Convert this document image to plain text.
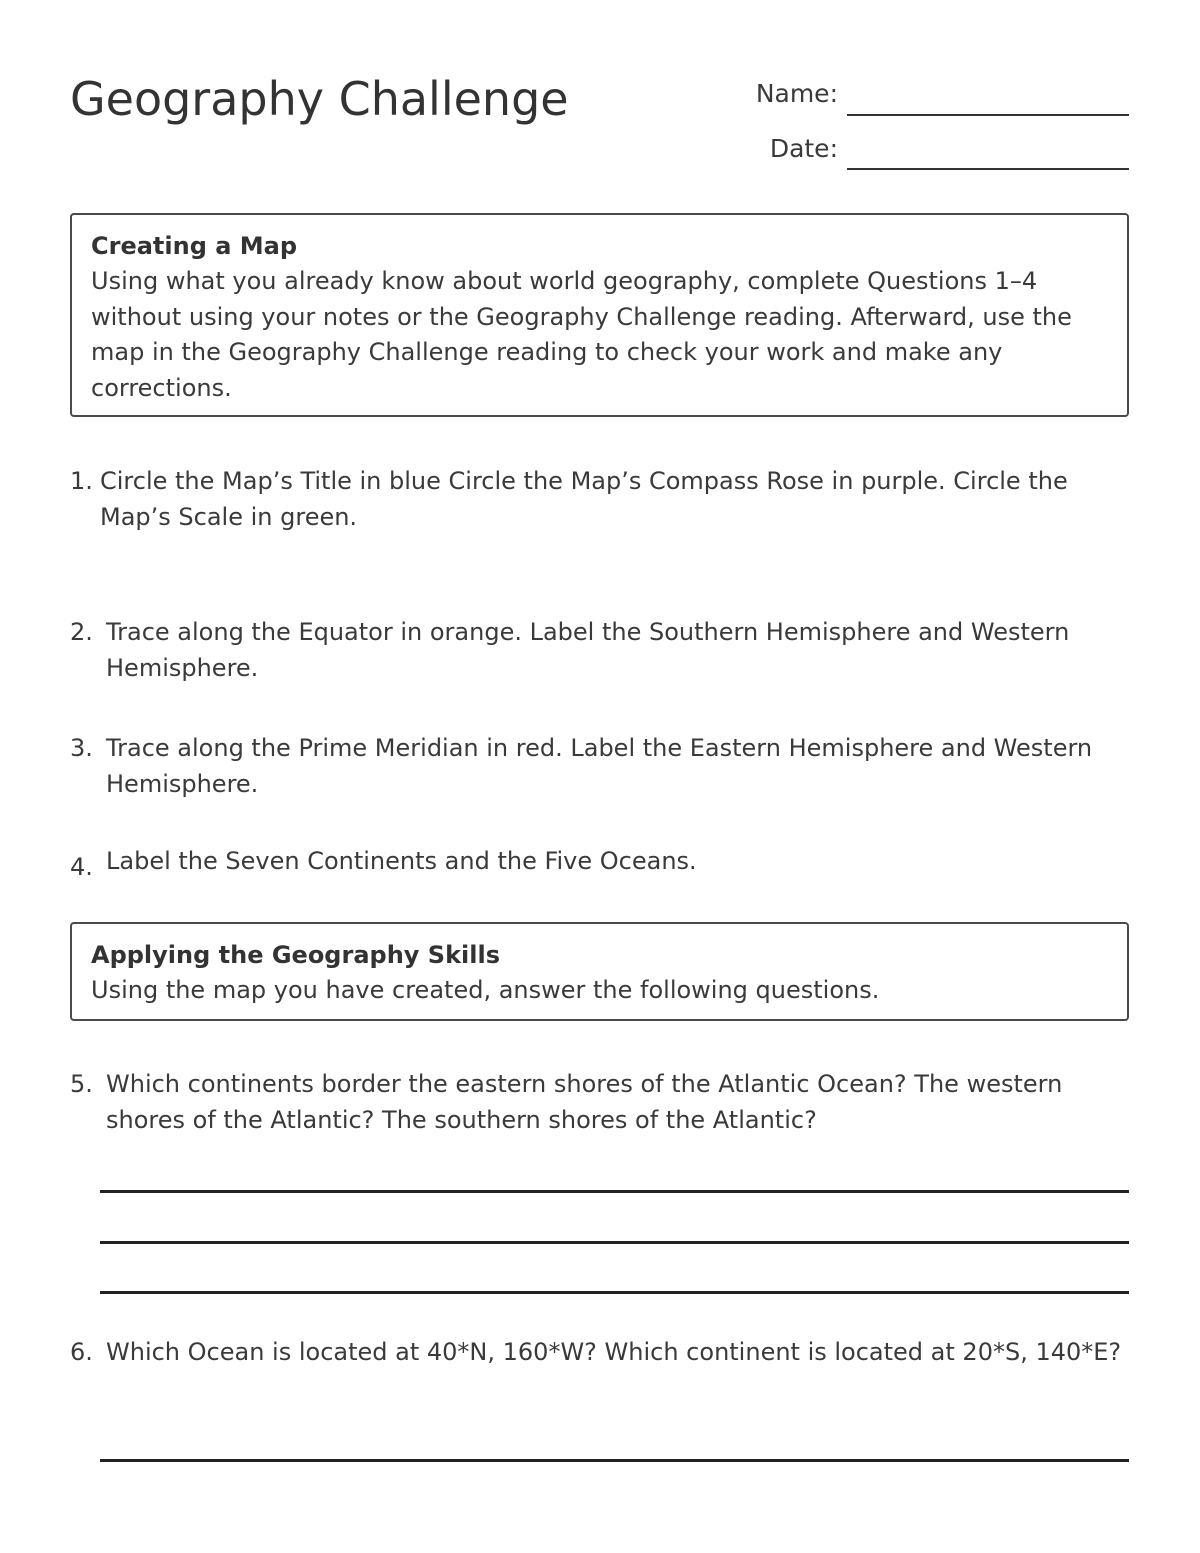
Geography Challenge	Name:
Date:
Creating a Map
Using what you already know about world geography, complete Questions 1–4 without using your notes or the Geography Challenge reading. Afterward, use the map in the Geography Challenge reading to check your work and make any corrections.
1. Circle the Map’s Title in blue Circle the Map’s Compass Rose in purple. Circle the Map’s Scale in green.
2. Trace along the Equator in orange. Label the Southern Hemisphere and Western Hemisphere.
3. Trace along the Prime Meridian in red. Label the Eastern Hemisphere and Western Hemisphere.
4. Label the Seven Continents and the Five Oceans.
Applying the Geography Skills
Using the map you have created, answer the following questions.
5. Which continents border the eastern shores of the Atlantic Ocean? The western shores of the Atlantic? The southern shores of the Atlantic?
6. Which Ocean is located at 40*N, 160*W? Which continent is located at 20*S, 140*E?
